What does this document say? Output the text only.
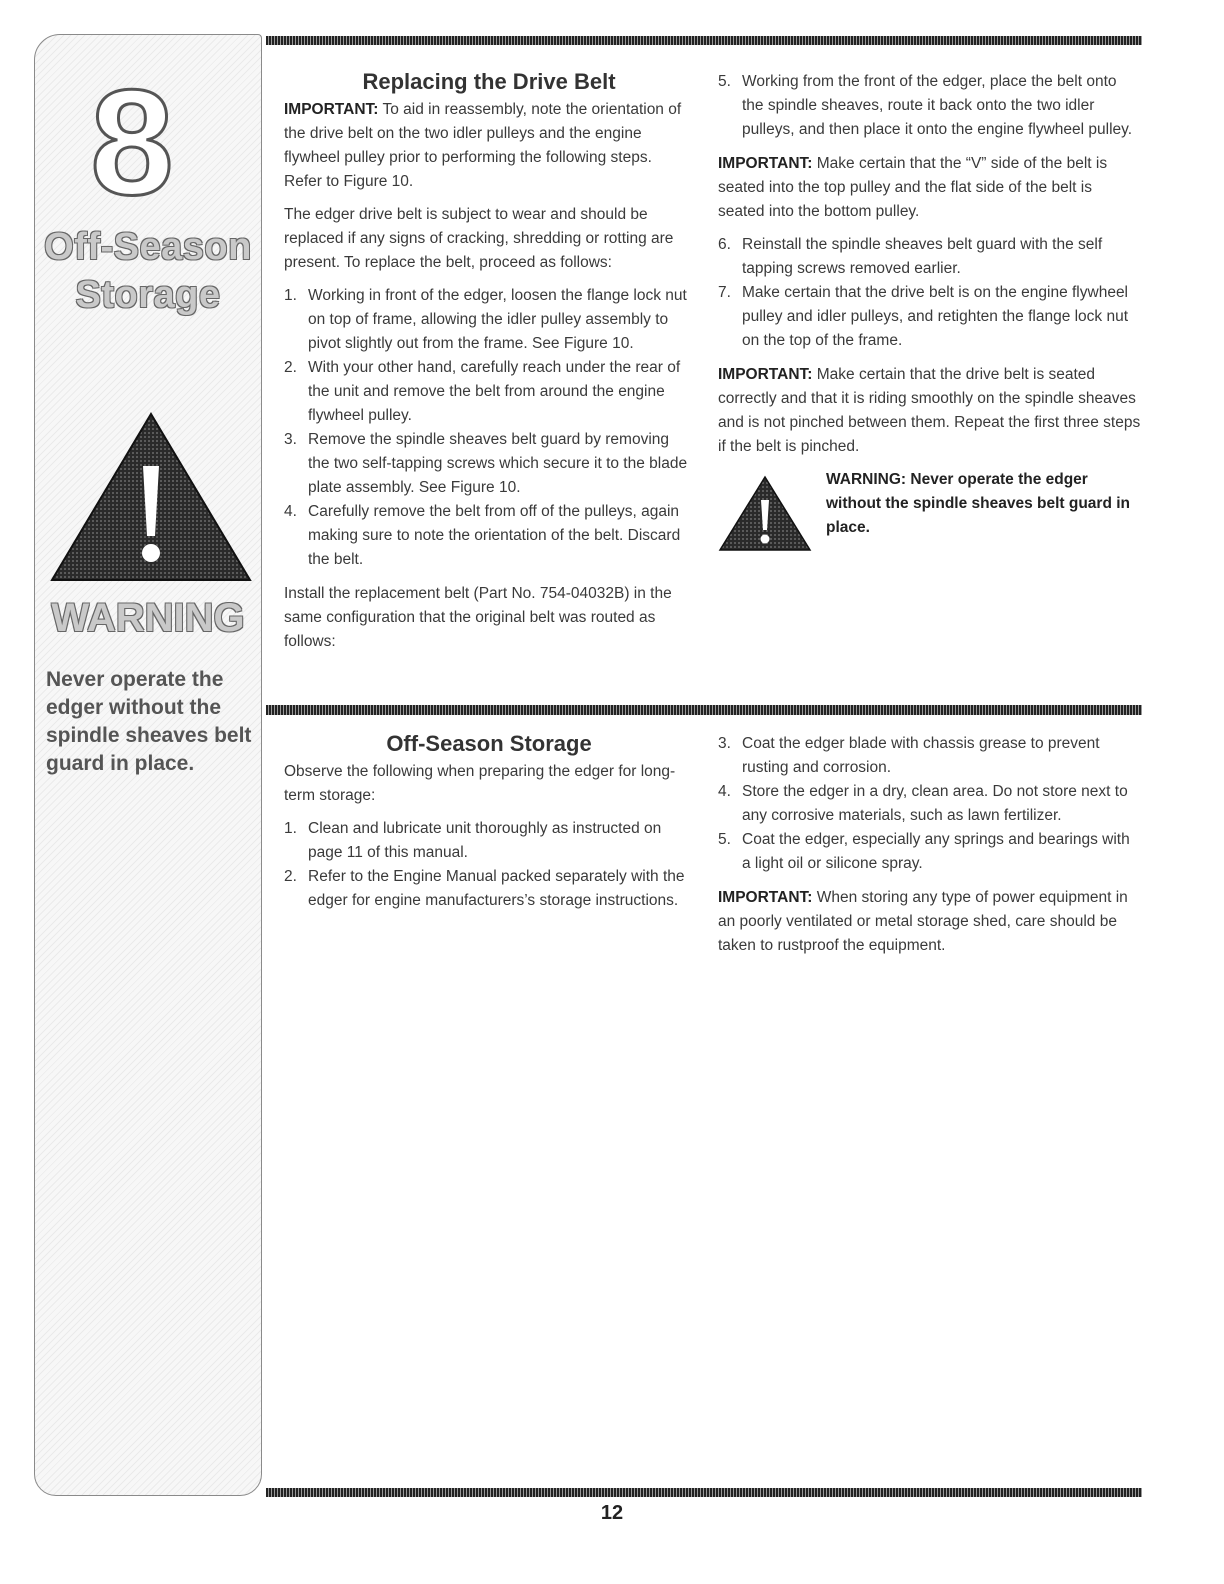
8
Off-Season
Storage
WARNING
Never operate the edger without the spindle sheaves belt guard in place.
Replacing the Drive Belt

IMPORTANT: To aid in reassembly, note the orientation of the drive belt on the two idler pulleys and the engine flywheel pulley prior to performing the following steps. Refer to Figure 10.

The edger drive belt is subject to wear and should be replaced if any signs of cracking, shredding or rotting are present. To replace the belt, proceed as follows:

1. Working in front of the edger, loosen the flange lock nut on top of frame, allowing the idler pulley assembly to pivot slightly out from the frame. See Figure 10.
2. With your other hand, carefully reach under the rear of the unit and remove the belt from around the engine flywheel pulley.
3. Remove the spindle sheaves belt guard by removing the two self-tapping screws which secure it to the blade plate assembly. See Figure 10.
4. Carefully remove the belt from off of the pulleys, again making sure to note the orientation of the belt. Discard the belt.

Install the replacement belt (Part No. 754-04032B) in the same configuration that the original belt was routed as follows:

5. Working from the front of the edger, place the belt onto the spindle sheaves, route it back onto the two idler pulleys, and then place it onto the engine flywheel pulley.

IMPORTANT: Make certain that the “V” side of the belt is seated into the top pulley and the flat side of the belt is seated into the bottom pulley.

6. Reinstall the spindle sheaves belt guard with the self tapping screws removed earlier.
7. Make certain that the drive belt is on the engine flywheel pulley and idler pulleys, and retighten the flange lock nut on the top of the frame.

IMPORTANT: Make certain that the drive belt is seated correctly and that it is riding smoothly on the spindle sheaves and is not pinched between them. Repeat the first three steps if the belt is pinched.

WARNING: Never operate the edger without the spindle sheaves belt guard in place.
Off-Season Storage

Observe the following when preparing the edger for long-term storage:

1. Clean and lubricate unit thoroughly as instructed on page 11 of this manual.
2. Refer to the Engine Manual packed separately with the edger for engine manufacturers’s storage instructions.
3. Coat the edger blade with chassis grease to prevent rusting and corrosion.
4. Store the edger in a dry, clean area. Do not store next to any corrosive materials, such as lawn fertilizer.
5. Coat the edger, especially any springs and bearings with a light oil or silicone spray.

IMPORTANT: When storing any type of power equipment in an poorly ventilated or metal storage shed, care should be taken to rustproof the equipment.

12
